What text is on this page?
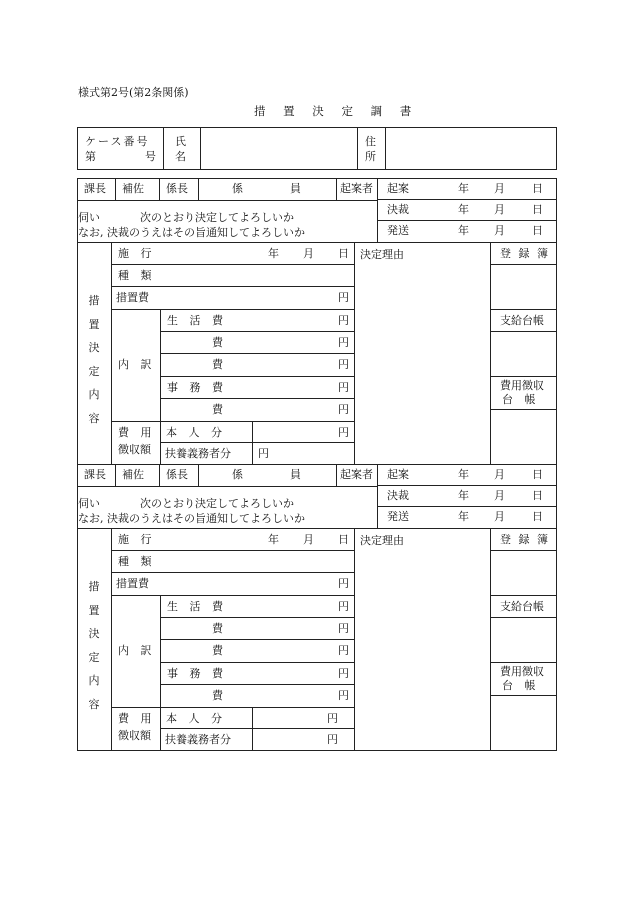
様式第2号(第2条関係)
措 置 決 定 調 書
ケース番号
第	号
氏
名
住
所
課長 補佐 係長	係	員	起案者 起案	年 月 日
決裁	年 月 日
発送	年 月 日
伺い	次のとおり決定してよろしいか
なお, 決裁のうえはその旨通知してよろしいか
措
置
決
定
内
容
施 行	年 月 日
種 類
措置費	円
内 訳
生 活 費	円
費	円
費	円
事 務 費	円
費	円
費 用
徴収額
本 人 分	円
扶養義務者分 円
決定理由	登 録 簿
支給台帳
費用徴収
台 帳
課長 補佐 係長	係	員	起案者 起案	年 月 日
決裁	年 月 日
発送	年 月 日
伺い	次のとおり決定してよろしいか
なお, 決裁のうえはその旨通知してよろしいか
措
置
決
定
内
容
施 行	年 月 日
種 類
措置費	円
内 訳
生 活 費	円
費	円
費	円
事 務 費	円
費	円
費 用
徴収額
本 人 分	円
扶養義務者分	円
決定理由	登 録 簿
支給台帳
費用徴収
台 帳
